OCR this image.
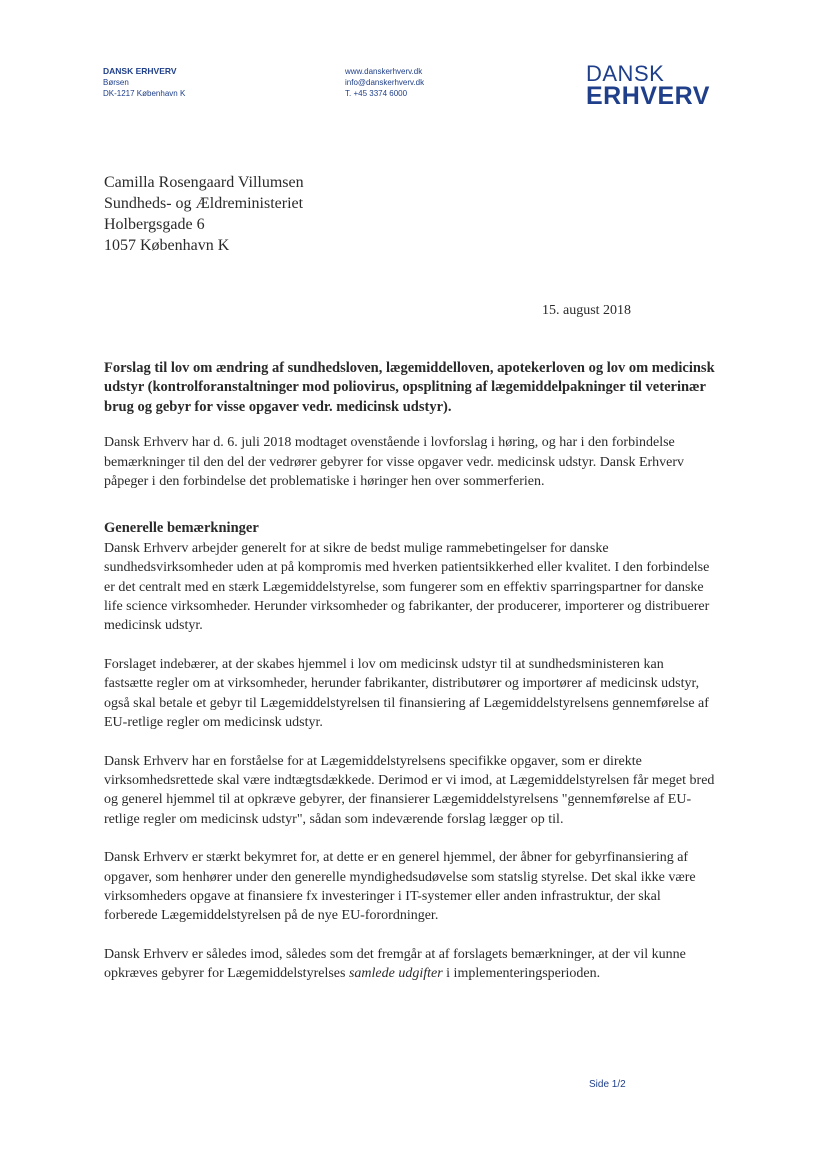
DANSK ERHVERV
Børsen
DK-1217 København K
www.danskerhverv.dk
info@danskerhverv.dk
T. +45 3374 6000
DANSK
ERHVERV
Camilla Rosengaard Villumsen
Sundheds- og Ældreministeriet
Holbergsgade 6
1057 København K
15. august 2018
Forslag til lov om ændring af sundhedsloven, lægemiddelloven, apotekerloven og lov om medicinsk udstyr (kontrolforanstaltninger mod poliovirus, opsplitning af lægemiddelpakninger til veterinær brug og gebyr for visse opgaver vedr. medicinsk udstyr).

Dansk Erhverv har d. 6. juli 2018 modtaget ovenstående i lovforslag i høring, og har i den forbindelse bemærkninger til den del der vedrører gebyrer for visse opgaver vedr. medicinsk udstyr. Dansk Erhverv påpeger i den forbindelse det problematiske i høringer hen over sommerferien.

Generelle bemærkninger

Dansk Erhverv arbejder generelt for at sikre de bedst mulige rammebetingelser for danske sundhedsvirksomheder uden at på kompromis med hverken patientsikkerhed eller kvalitet. I den forbindelse er det centralt med en stærk Lægemiddelstyrelse, som fungerer som en effektiv sparringspartner for danske life science virksomheder. Herunder virksomheder og fabrikanter, der producerer, importerer og distribuerer medicinsk udstyr.

Forslaget indebærer, at der skabes hjemmel i lov om medicinsk udstyr til at sundhedsministeren kan fastsætte regler om at virksomheder, herunder fabrikanter, distributører og importører af medicinsk udstyr, også skal betale et gebyr til Lægemiddelstyrelsen til finansiering af Lægemiddelstyrelsens gennemførelse af EU-retlige regler om medicinsk udstyr.

Dansk Erhverv har en forståelse for at Lægemiddelstyrelsens specifikke opgaver, som er direkte virksomhedsrettede skal være indtægtsdækkede. Derimod er vi imod, at Lægemiddelstyrelsen får meget bred og generel hjemmel til at opkræve gebyrer, der finansierer Lægemiddelstyrelsens "gennemførelse af EU-retlige regler om medicinsk udstyr", sådan som indeværende forslag lægger op til.

Dansk Erhverv er stærkt bekymret for, at dette er en generel hjemmel, der åbner for gebyrfinansiering af opgaver, som henhører under den generelle myndighedsudøvelse som statslig styrelse. Det skal ikke være virksomheders opgave at finansiere fx investeringer i IT-systemer eller anden infrastruktur, der skal forberede Lægemiddelstyrelsen på de nye EU-forordninger.

Dansk Erhverv er således imod, således som det fremgår at af forslagets bemærkninger, at der vil kunne opkræves gebyrer for Lægemiddelstyrelses samlede udgifter i implementeringsperioden.

Side 1/2
